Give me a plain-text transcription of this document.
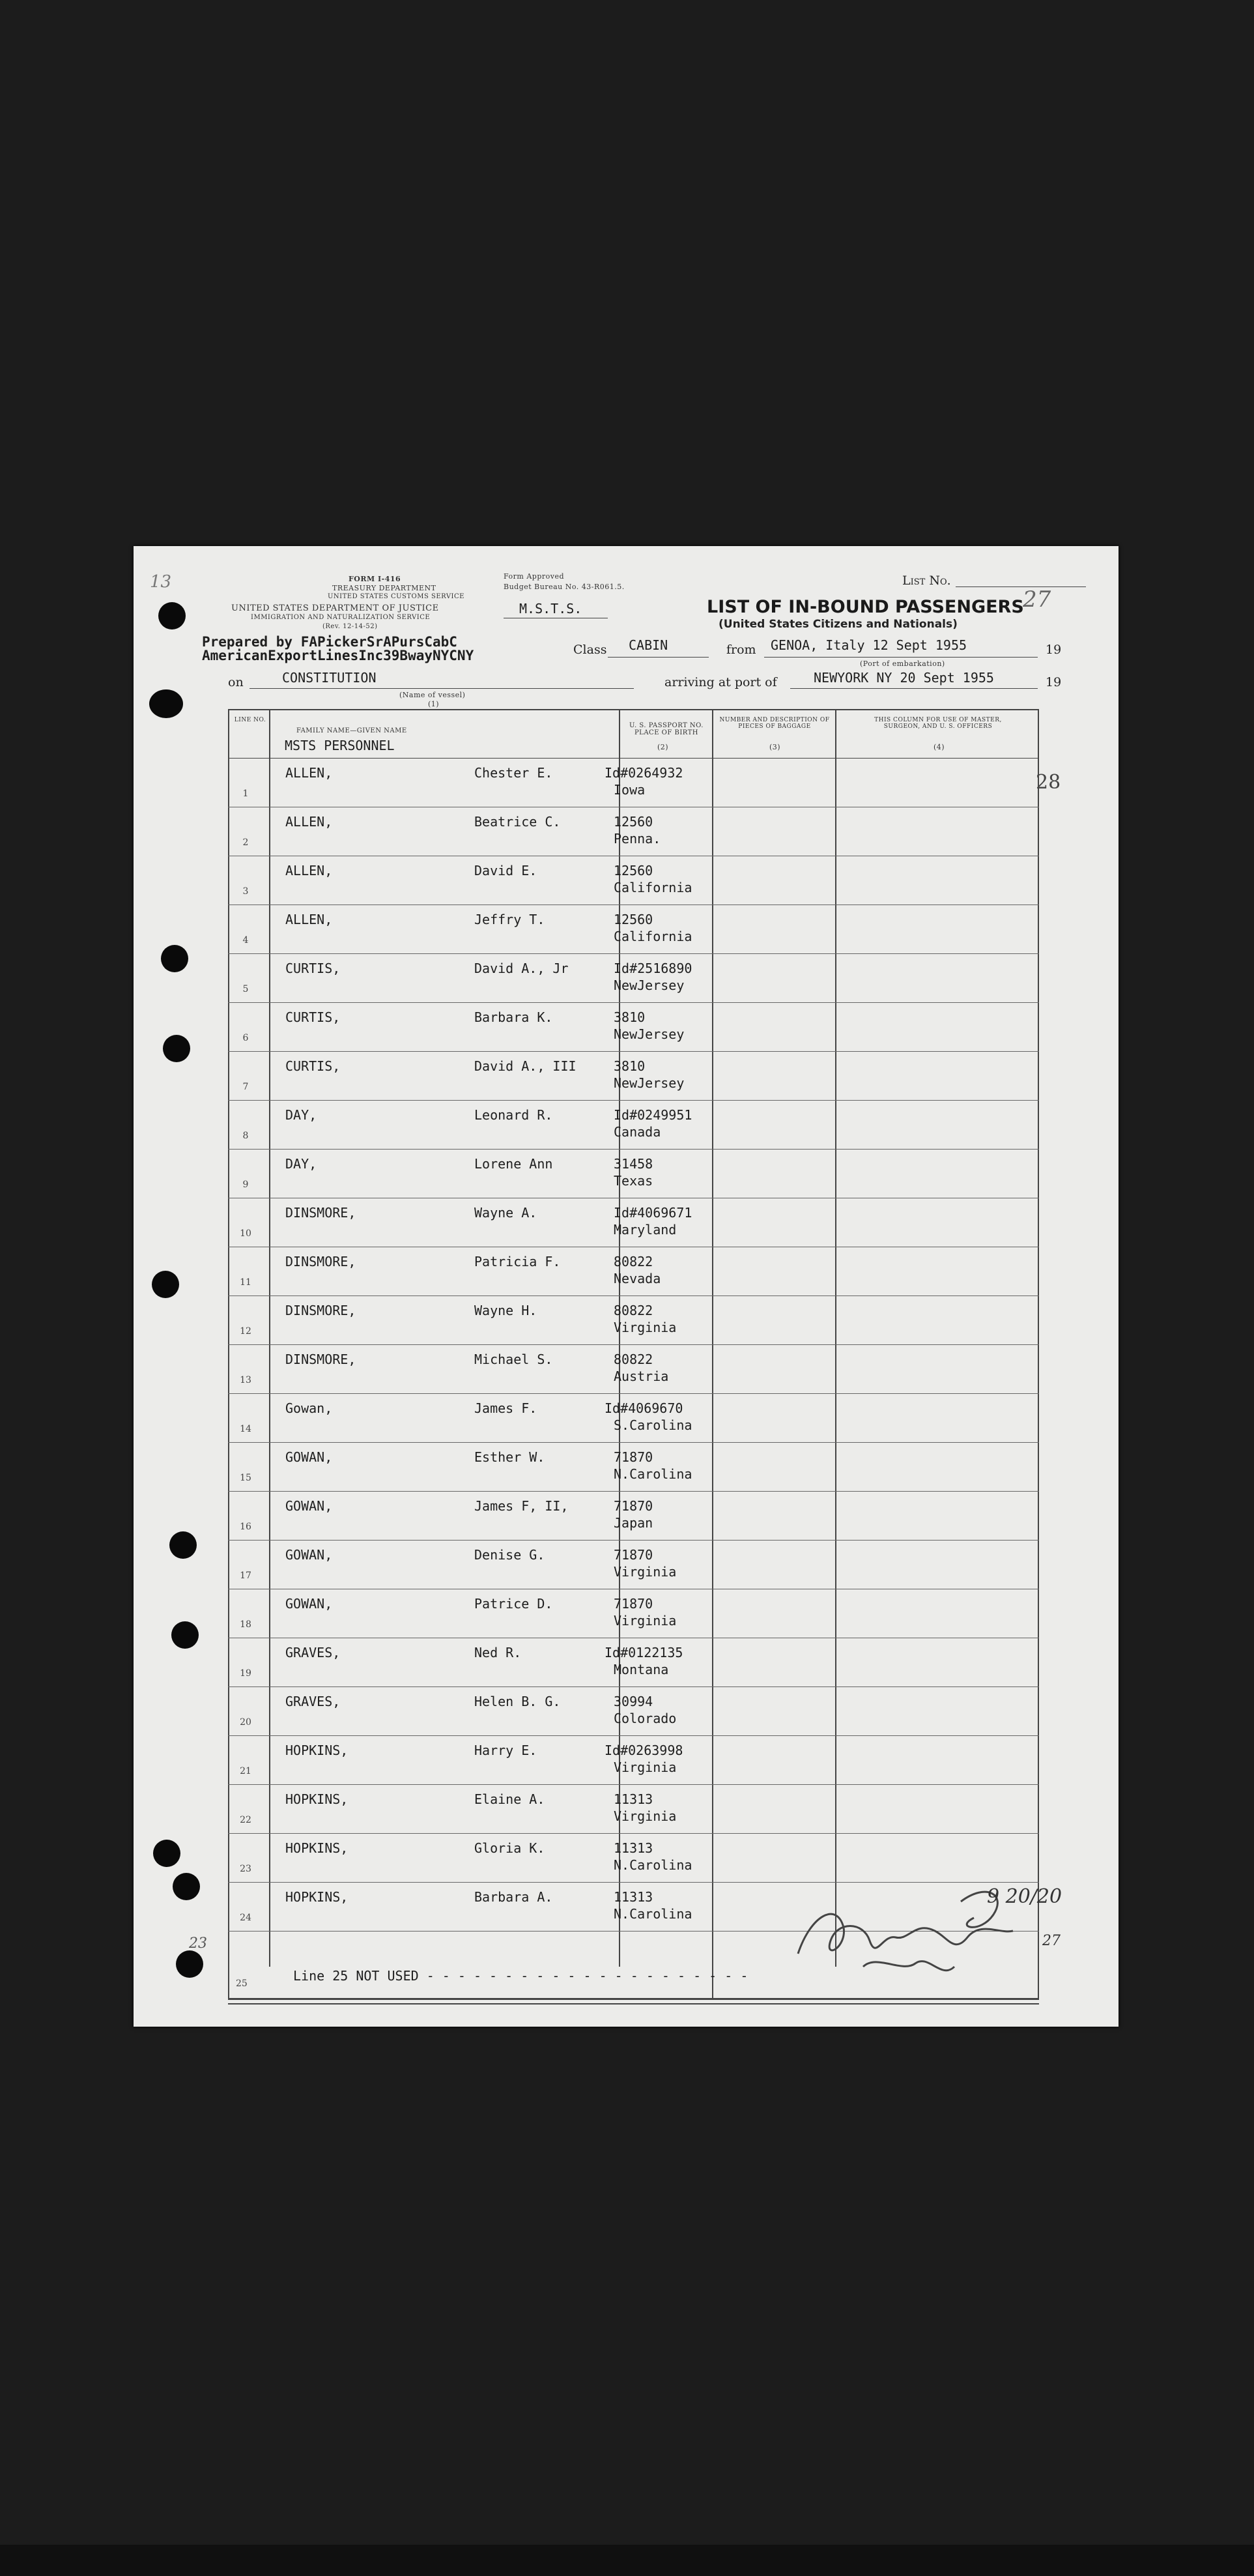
13	FORM I-416
TREASURY DEPARTMENT
UNITED STATES CUSTOMS SERVICE
UNITED STATES DEPARTMENT OF JUSTICE
IMMIGRATION AND NATURALIZATION SERVICE
(Rev. 12-14-52)
Form Approved
Budget Bureau No. 43-R061.5.
M.S.T.S.	LIST OF IN-BOUND PASSENGERS
(United States Citizens and Nationals)
List No.
27
Prepared by FAPickerSrAPursCabC
AmericanExportLinesInc39BwayNYCNY	Class CABIN	from GENOA, Italy 12 Sept 1955	19
(Port of embarkation)
on	CONSTITUTION
(Name of vessel)
(1)
arriving at port of	NEWYORK NY 20 Sept 1955	19
LINE NO.
FAMILY NAME—GIVEN NAME
MSTS PERSONNEL
U. S. PASSPORT NO. PLACE OF BIRTH
(2)
NUMBER AND DESCRIPTION OF PIECES OF BAGGAGE
(3)
THIS COLUMN FOR USE OF MASTER, SURGEON, AND U. S. OFFICERS
(4)
28
1
ALLEN,	Chester E.	Id#0264932
Iowa
2
ALLEN,	Beatrice C.	12560
Penna.
3
ALLEN,	David E.	12560
California
4
ALLEN,	Jeffry T.	12560
California
5
CURTIS,	David A., Jr	Id#2516890
NewJersey
6
CURTIS,	Barbara K.	3810
NewJersey
7
CURTIS,	David A., III	3810
NewJersey
8
DAY,	Leonard R.	Id#0249951
Canada
9
DAY,	Lorene Ann	31458
Texas
10
DINSMORE,	Wayne A.	Id#4069671
Maryland
11
DINSMORE,	Patricia F.	80822
Nevada
12
DINSMORE,	Wayne H.	80822
Virginia
13
DINSMORE,	Michael S.	80822
Austria
14
Gowan,	James F.	Id#4069670
S.Carolina
15
GOWAN,	Esther W.	71870
N.Carolina
16
GOWAN,	James F, II,	71870
Japan
17
GOWAN,	Denise G.	71870
Virginia
18
GOWAN,	Patrice D.	71870
Virginia
19
GRAVES,	Ned R.	Id#0122135
Montana
20
GRAVES,	Helen B. G.	30994
Colorado
21
HOPKINS,	Harry E.	Id#0263998
Virginia
22
HOPKINS,	Elaine A.	11313
Virginia
23
HOPKINS,	Gloria K.	11313
N.Carolina
24
HOPKINS,	Barbara A.	11313
N.Carolina
25	Line 25 NOT USED - - - - - - - - - - - - - - - - - - - - -
9 20/20
27
23
